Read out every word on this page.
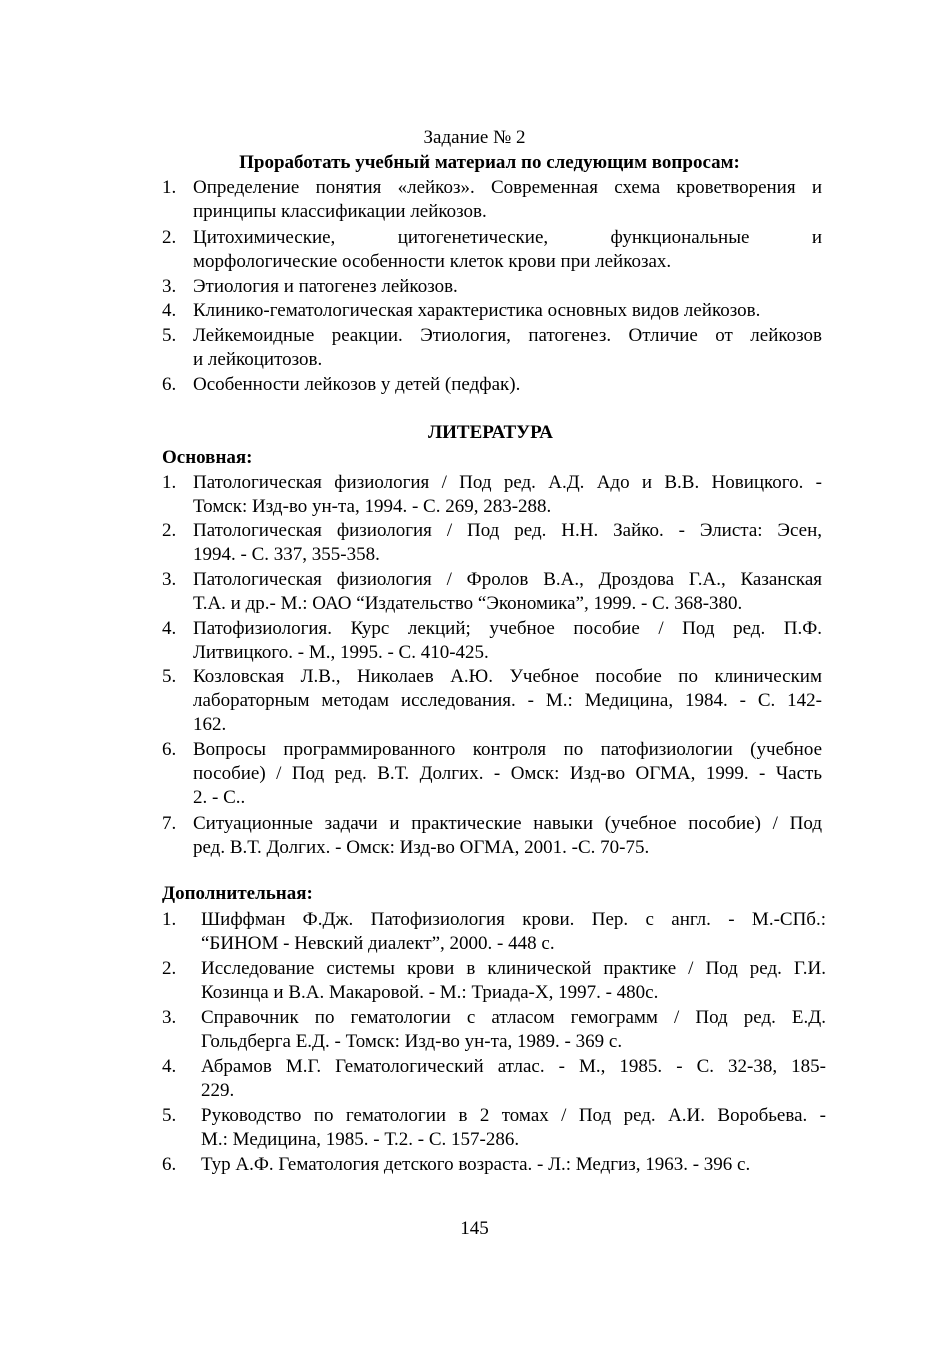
Задание № 2
Проработать учебный материал по следующим вопросам:
1. Определение понятия «лейкоз». Современная схема кроветворения и
принципы классификации лейкозов.
2. Цитохимические, цитогенетические, функциональные и
морфологические особенности клеток крови при лейкозах.
3. Этиология и патогенез лейкозов.
4. Клинико-гематологическая характеристика основных видов лейкозов.
5. Лейкемоидные реакции. Этиология, патогенез. Отличие от лейкозов
и лейкоцитозов.
6. Особенности лейкозов у детей (педфак).
ЛИТЕРАТУРА
Основная:
1. Патологическая физиология / Под ред. А.Д. Адо и В.В. Новицкого. -
Томск: Изд-во ун-та, 1994. - С. 269, 283-288.
2. Патологическая физиология / Под ред. Н.Н. Зайко. - Элиста: Эсен,
1994. - С. 337, 355-358.
3. Патологическая физиология / Фролов В.А., Дроздова Г.А., Казанская
Т.А. и др.- М.: ОАО “Издательство “Экономика”, 1999. - С. 368-380.
4. Патофизиология. Курс лекций; учебное пособие / Под ред. П.Ф.
Литвицкого. - М., 1995. - С. 410-425.
5. Козловская Л.В., Николаев А.Ю. Учебное пособие по клиническим
лабораторным методам исследования. - М.: Медицина, 1984. - С. 142-
162.
6. Вопросы программированного контроля по патофизиологии (учебное
пособие) / Под ред. В.Т. Долгих. - Омск: Изд-во ОГМА, 1999. - Часть
2. - С..
7. Ситуационные задачи и практические навыки (учебное пособие) / Под
ред. В.Т. Долгих. - Омск: Изд-во ОГМА, 2001. -С. 70-75.
Дополнительная:
1. Шиффман Ф.Дж. Патофизиология крови. Пер. с англ. - М.-СПб.:
“БИНОМ - Невский диалект”, 2000. - 448 с.
2. Исследование системы крови в клинической практике / Под ред. Г.И.
Козинца и В.А. Макаровой. - М.: Триада-Х, 1997. - 480с.
3. Справочник по гематологии с атласом гемограмм / Под ред. Е.Д.
Гольдберга Е.Д. - Томск: Изд-во ун-та, 1989. - 369 с.
4. Абрамов М.Г. Гематологический атлас. - М., 1985. - С. 32-38, 185-
229.
5. Руководство по гематологии в 2 томах / Под ред. А.И. Воробьева. -
М.: Медицина, 1985. - Т.2. - С. 157-286.
6. Тур А.Ф. Гематология детского возраста. - Л.: Медгиз, 1963. - 396 с.
145
